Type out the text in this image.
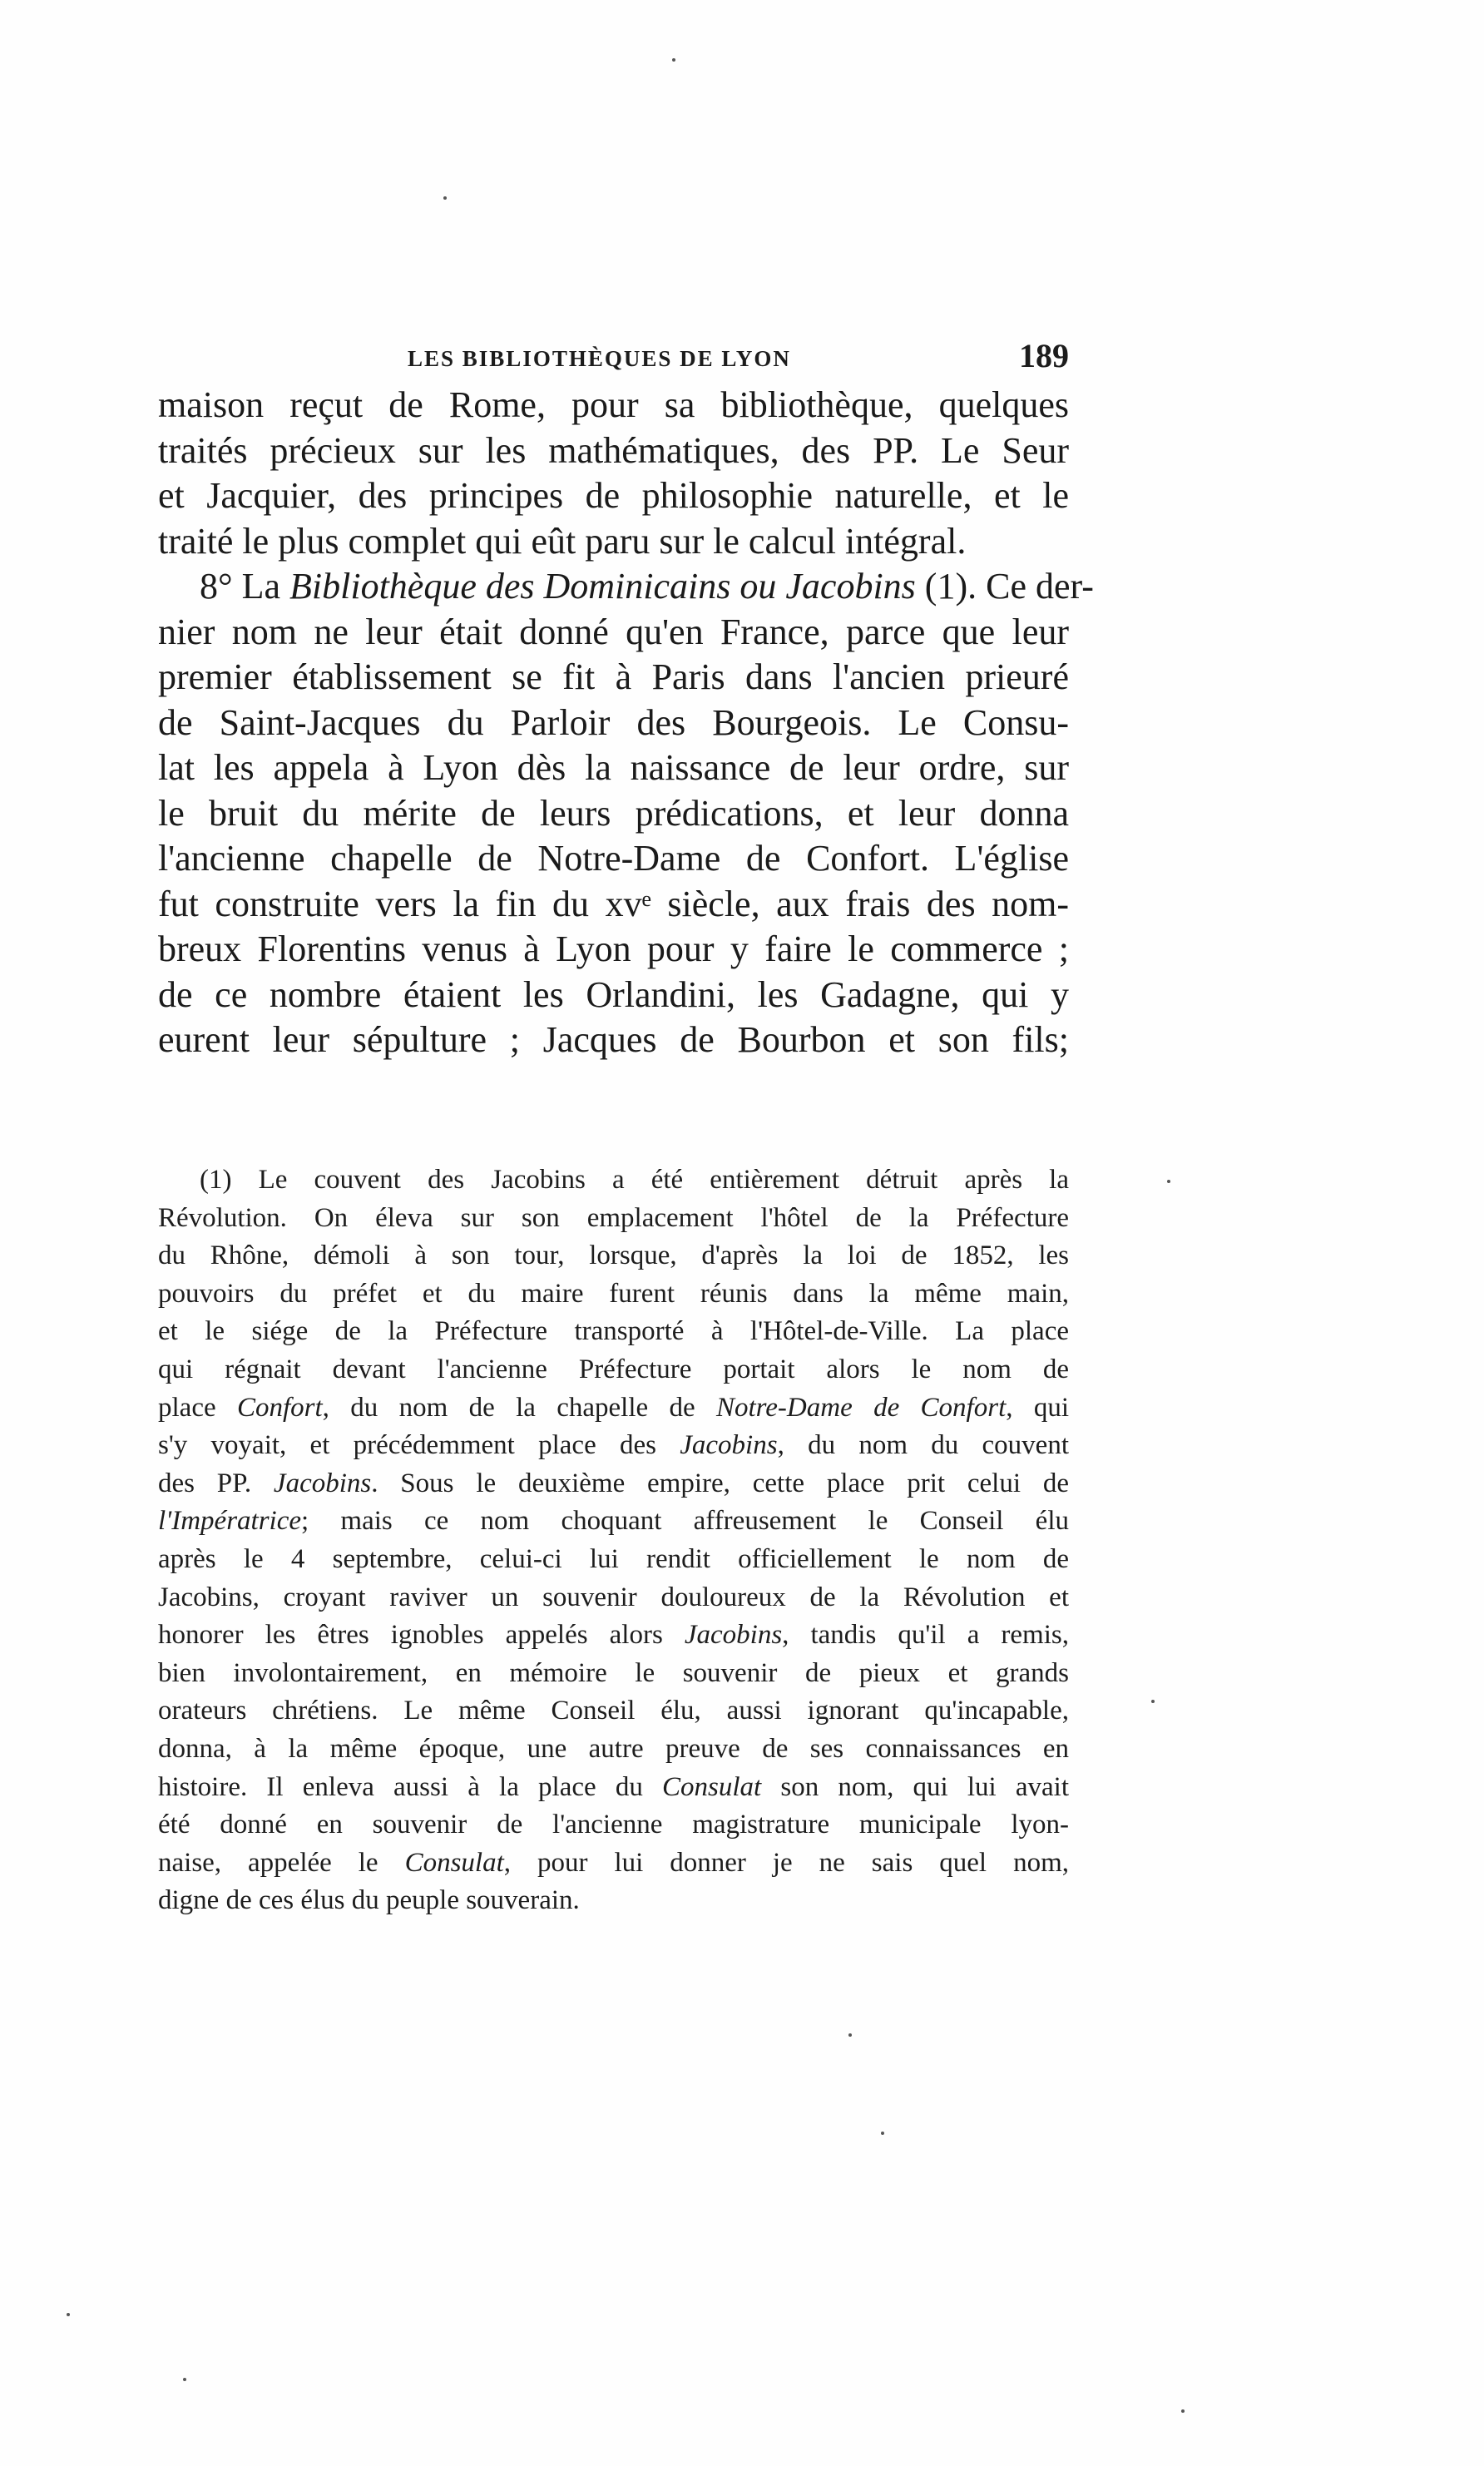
LES BIBLIOTHÈQUES DE LYON	189
maison reçut de Rome, pour sa bibliothèque, quelques
traités précieux sur les mathématiques, des PP. Le Seur
et Jacquier, des principes de philosophie naturelle, et le
traité le plus complet qui eût paru sur le calcul intégral.
8° La Bibliothèque des Dominicains ou Jacobins (1). Ce der-
nier nom ne leur était donné qu'en France, parce que leur
premier établissement se fit à Paris dans l'ancien prieuré
de Saint-Jacques du Parloir des Bourgeois. Le Consu-
lat les appela à Lyon dès la naissance de leur ordre, sur
le bruit du mérite de leurs prédications, et leur donna
l'ancienne chapelle de Notre-Dame de Confort. L'église
fut construite vers la fin du xvᵉ siècle, aux frais des nom-
breux Florentins venus à Lyon pour y faire le commerce ;
de ce nombre étaient les Orlandini, les Gadagne, qui y
eurent leur sépulture ; Jacques de Bourbon et son fils;
(1) Le couvent des Jacobins a été entièrement détruit après la
Révolution. On éleva sur son emplacement l'hôtel de la Préfecture
du Rhône, démoli à son tour, lorsque, d'après la loi de 1852, les
pouvoirs du préfet et du maire furent réunis dans la même main,
et le siége de la Préfecture transporté à l'Hôtel-de-Ville. La place
qui régnait devant l'ancienne Préfecture portait alors le nom de
place Confort, du nom de la chapelle de Notre-Dame de Confort, qui
s'y voyait, et précédemment place des Jacobins, du nom du couvent
des PP. Jacobins. Sous le deuxième empire, cette place prit celui de
l'Impératrice; mais ce nom choquant affreusement le Conseil élu
après le 4 septembre, celui-ci lui rendit officiellement le nom de
Jacobins, croyant raviver un souvenir douloureux de la Révolution et
honorer les êtres ignobles appelés alors Jacobins, tandis qu'il a remis,
bien involontairement, en mémoire le souvenir de pieux et grands
orateurs chrétiens. Le même Conseil élu, aussi ignorant qu'incapable,
donna, à la même époque, une autre preuve de ses connaissances en
histoire. Il enleva aussi à la place du Consulat son nom, qui lui avait
été donné en souvenir de l'ancienne magistrature municipale lyon-
naise, appelée le Consulat, pour lui donner je ne sais quel nom,
digne de ces élus du peuple souverain.
